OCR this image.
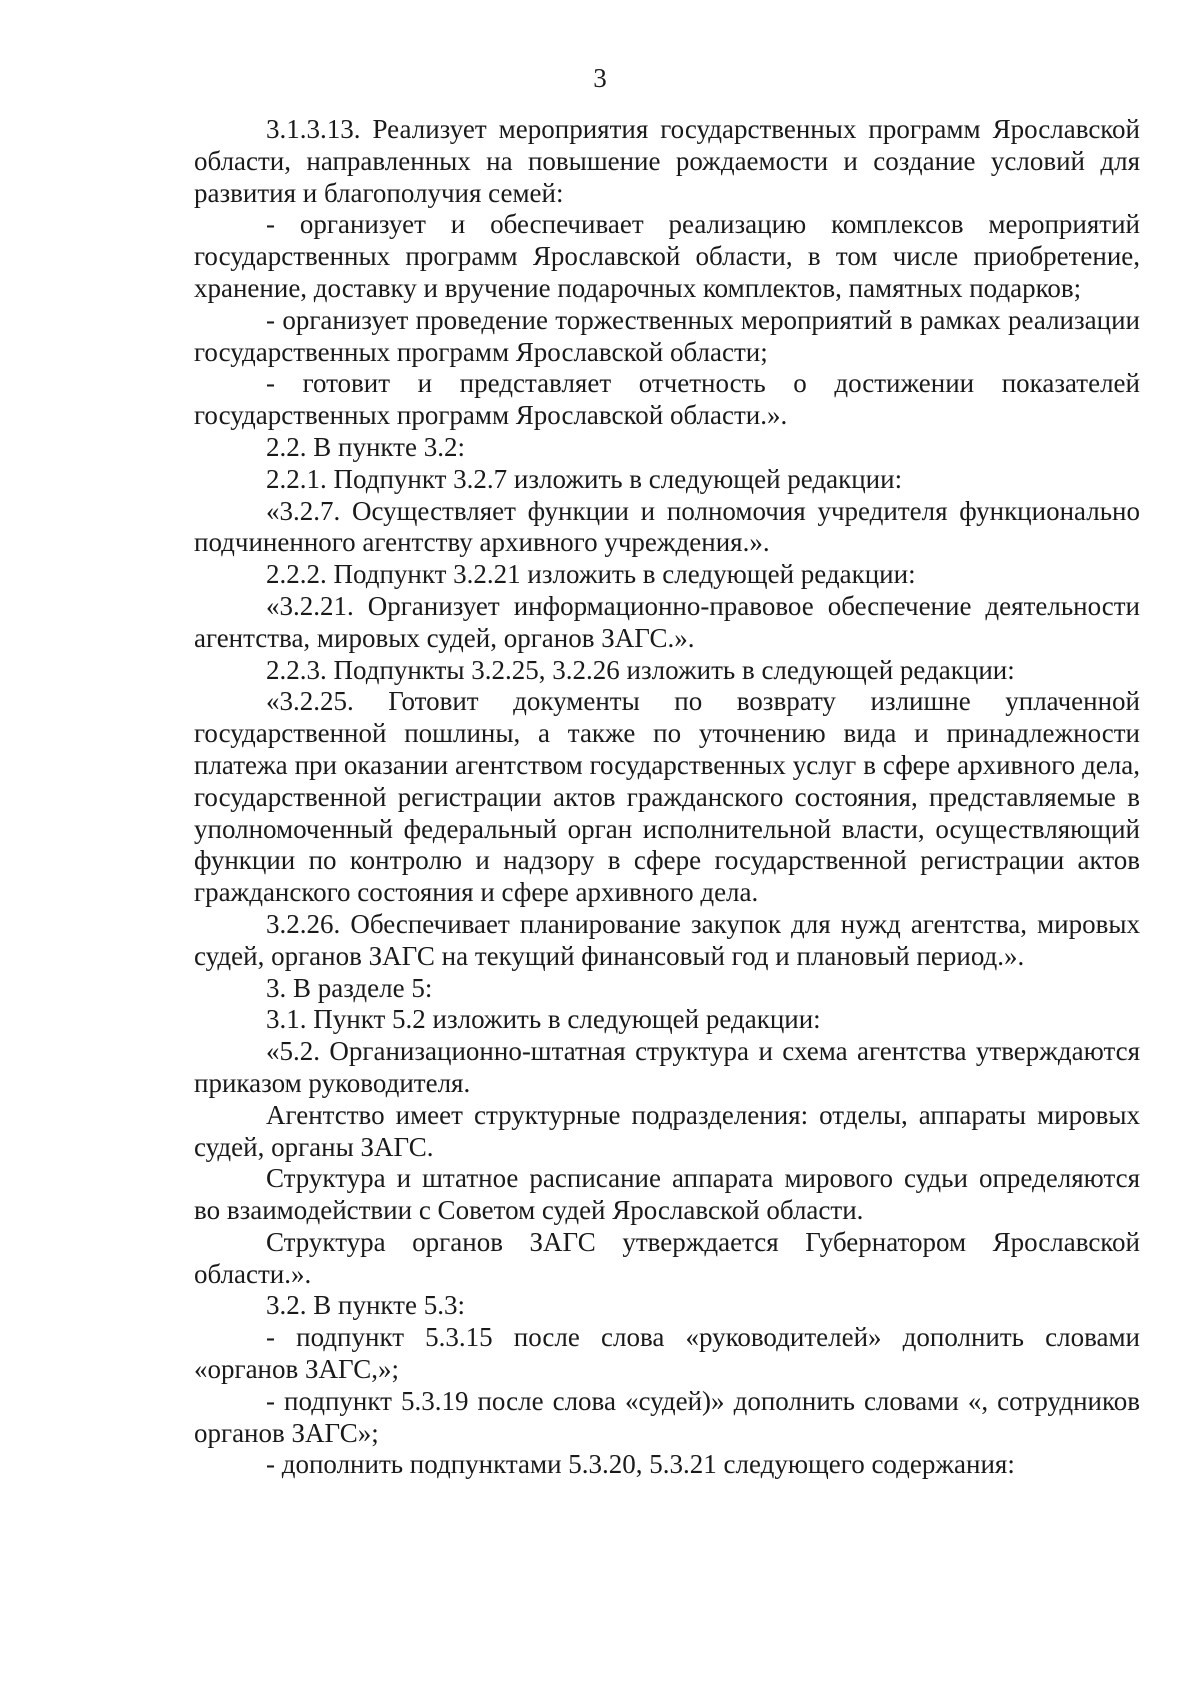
3

3.1.3.13. Реализует мероприятия государственных программ Ярославской области, направленных на повышение рождаемости и создание условий для развития и благополучия семей:

- организует и обеспечивает реализацию комплексов мероприятий государственных программ Ярославской области, в том числе приобретение, хранение, доставку и вручение подарочных комплектов, памятных подарков;

- организует проведение торжественных мероприятий в рамках реализации государственных программ Ярославской области;

- готовит и представляет отчетность о достижении показателей государственных программ Ярославской области.».

2.2. В пункте 3.2:

2.2.1. Подпункт 3.2.7 изложить в следующей редакции:

«3.2.7. Осуществляет функции и полномочия учредителя функционально подчиненного агентству архивного учреждения.».

2.2.2. Подпункт 3.2.21 изложить в следующей редакции:

«3.2.21. Организует информационно-правовое обеспечение деятельности агентства, мировых судей, органов ЗАГС.».

2.2.3. Подпункты 3.2.25, 3.2.26 изложить в следующей редакции:

«3.2.25. Готовит документы по возврату излишне уплаченной государственной пошлины, а также по уточнению вида и принадлежности платежа при оказании агентством государственных услуг в сфере архивного дела, государственной регистрации актов гражданского состояния, представляемые в уполномоченный федеральный орган исполнительной власти, осуществляющий функции по контролю и надзору в сфере государственной регистрации актов гражданского состояния и сфере архивного дела.

3.2.26. Обеспечивает планирование закупок для нужд агентства, мировых судей, органов ЗАГС на текущий финансовый год и плановый период.».

3. В разделе 5:

3.1. Пункт 5.2 изложить в следующей редакции:

«5.2. Организационно-штатная структура и схема агентства утверждаются приказом руководителя.

Агентство имеет структурные подразделения: отделы, аппараты мировых судей, органы ЗАГС.

Структура и штатное расписание аппарата мирового судьи определяются во взаимодействии с Советом судей Ярославской области.

Структура органов ЗАГС утверждается Губернатором Ярославской области.».

3.2. В пункте 5.3:

- подпункт 5.3.15 после слова «руководителей» дополнить словами «органов ЗАГС,»;

- подпункт 5.3.19 после слова «судей)» дополнить словами «, сотрудников органов ЗАГС»;

- дополнить подпунктами 5.3.20, 5.3.21 следующего содержания:
